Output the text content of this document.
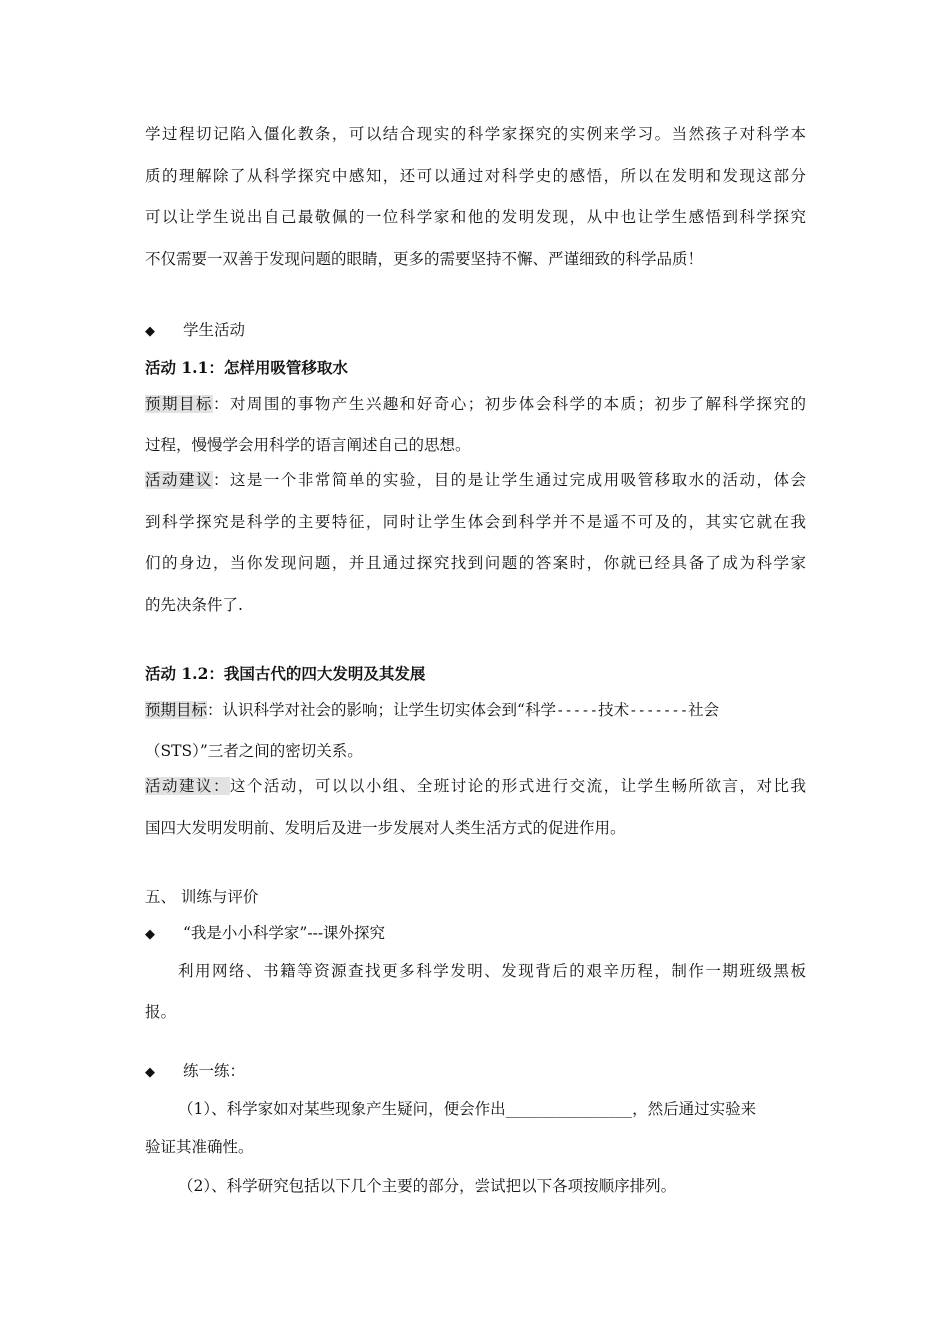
学过程切记陷入僵化教条，可以结合现实的科学家探究的实例来学习。当然孩子对科学本
质的理解除了从科学探究中感知，还可以通过对科学史的感悟，所以在发明和发现这部分
可以让学生说出自己最敬佩的一位科学家和他的发明发现，从中也让学生感悟到科学探究
不仅需要一双善于发现问题的眼睛，更多的需要坚持不懈、严谨细致的科学品质！
◆ 学生活动
活动 1.1：怎样用吸管移取水
预期目标：对周围的事物产生兴趣和好奇心；初步体会科学的本质；初步了解科学探究的
过程，慢慢学会用科学的语言阐述自己的思想。
活动建议：这是一个非常简单的实验，目的是让学生通过完成用吸管移取水的活动，体会
到科学探究是科学的主要特征，同时让学生体会到科学并不是遥不可及的，其实它就在我
们的身边，当你发现问题，并且通过探究找到问题的答案时，你就已经具备了成为科学家
的先决条件了.
活动 1.2：我国古代的四大发明及其发展
预期目标：认识科学对社会的影响；让学生切实体会到“科学-----技术-------社会
（STS）”三者之间的密切关系。
活动建议：这个活动，可以以小组、全班讨论的形式进行交流，让学生畅所欲言，对比我
国四大发明发明前、发明后及进一步发展对人类生活方式的促进作用。
五、 训练与评价
◆ “我是小小科学家”---课外探究
利用网络、书籍等资源查找更多科学发明、发现背后的艰辛历程，制作一期班级黑板
报。
◆ 练一练：
（1）、科学家如对某些现象产生疑问，便会作出_______________，然后通过实验来
验证其准确性。
（2）、科学研究包括以下几个主要的部分，尝试把以下各项按顺序排列。
